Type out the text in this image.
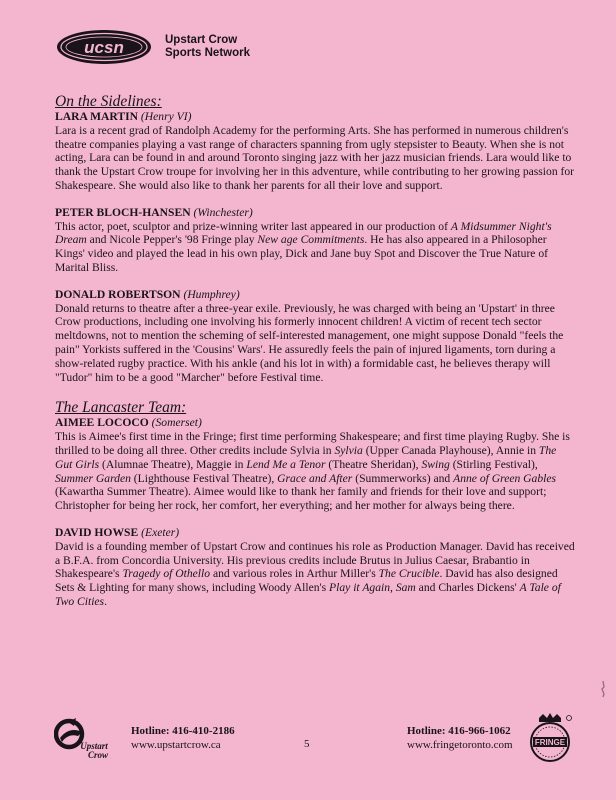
ucsn	Upstart Crow
Sports Network
On the Sidelines:
LARA MARTIN (Henry VI)
Lara is a recent grad of Randolph Academy for the performing Arts. She has performed in numerous children's theatre companies playing a vast range of characters spanning from ugly stepsister to Beauty. When she is not acting, Lara can be found in and around Toronto singing jazz with her jazz musician friends. Lara would like to thank the Upstart Crow troupe for involving her in this adventure, while contributing to her growing passion for Shakespeare. She would also like to thank her parents for all their love and support.
PETER BLOCH-HANSEN (Winchester)
This actor, poet, sculptor and prize-winning writer last appeared in our production of A Midsummer Night's Dream and Nicole Pepper's '98 Fringe play New age Commitments. He has also appeared in a Philosopher Kings' video and played the lead in his own play, Dick and Jane buy Spot and Discover the True Nature of Marital Bliss.
DONALD ROBERTSON (Humphrey)
Donald returns to theatre after a three-year exile. Previously, he was charged with being an 'Upstart' in three Crow productions, including one involving his formerly innocent children! A victim of recent tech sector meltdowns, not to mention the scheming of self-interested management, one might suppose Donald "feels the pain" Yorkists suffered in the 'Cousins' Wars'. He assuredly feels the pain of injured ligaments, torn during a show-related rugby practice. With his ankle (and his lot in with) a formidable cast, he believes therapy will "Tudor" him to be a good "Marcher" before Festival time.
The Lancaster Team:
AIMEE LOCOCO (Somerset)
This is Aimee's first time in the Fringe; first time performing Shakespeare; and first time playing Rugby. She is thrilled to be doing all three. Other credits include Sylvia in Sylvia (Upper Canada Playhouse), Annie in The Gut Girls (Alumnae Theatre), Maggie in Lend Me a Tenor (Theatre Sheridan), Swing (Stirling Festival), Summer Garden (Lighthouse Festival Theatre), Grace and After (Summerworks) and Anne of Green Gables (Kawartha Summer Theatre). Aimee would like to thank her family and friends for their love and support; Christopher for being her rock, her comfort, her everything; and her mother for always being there.
DAVID HOWSE (Exeter)
David is a founding member of Upstart Crow and continues his role as Production Manager. David has received a B.F.A. from Concordia University. His previous credits include Brutus in Julius Caesar, Brabantio in Shakespeare's Tragedy of Othello and various roles in Arthur Miller's The Crucible. David has also designed Sets & Lighting for many shows, including Woody Allen's Play it Again, Sam and Charles Dickens' A Tale of Two Cities.
Upstart
Crow
Hotline: 416-410-2186
www.upstartcrow.ca	5
Hotline: 416-966-1062
www.fringetoronto.com	FRINGE
